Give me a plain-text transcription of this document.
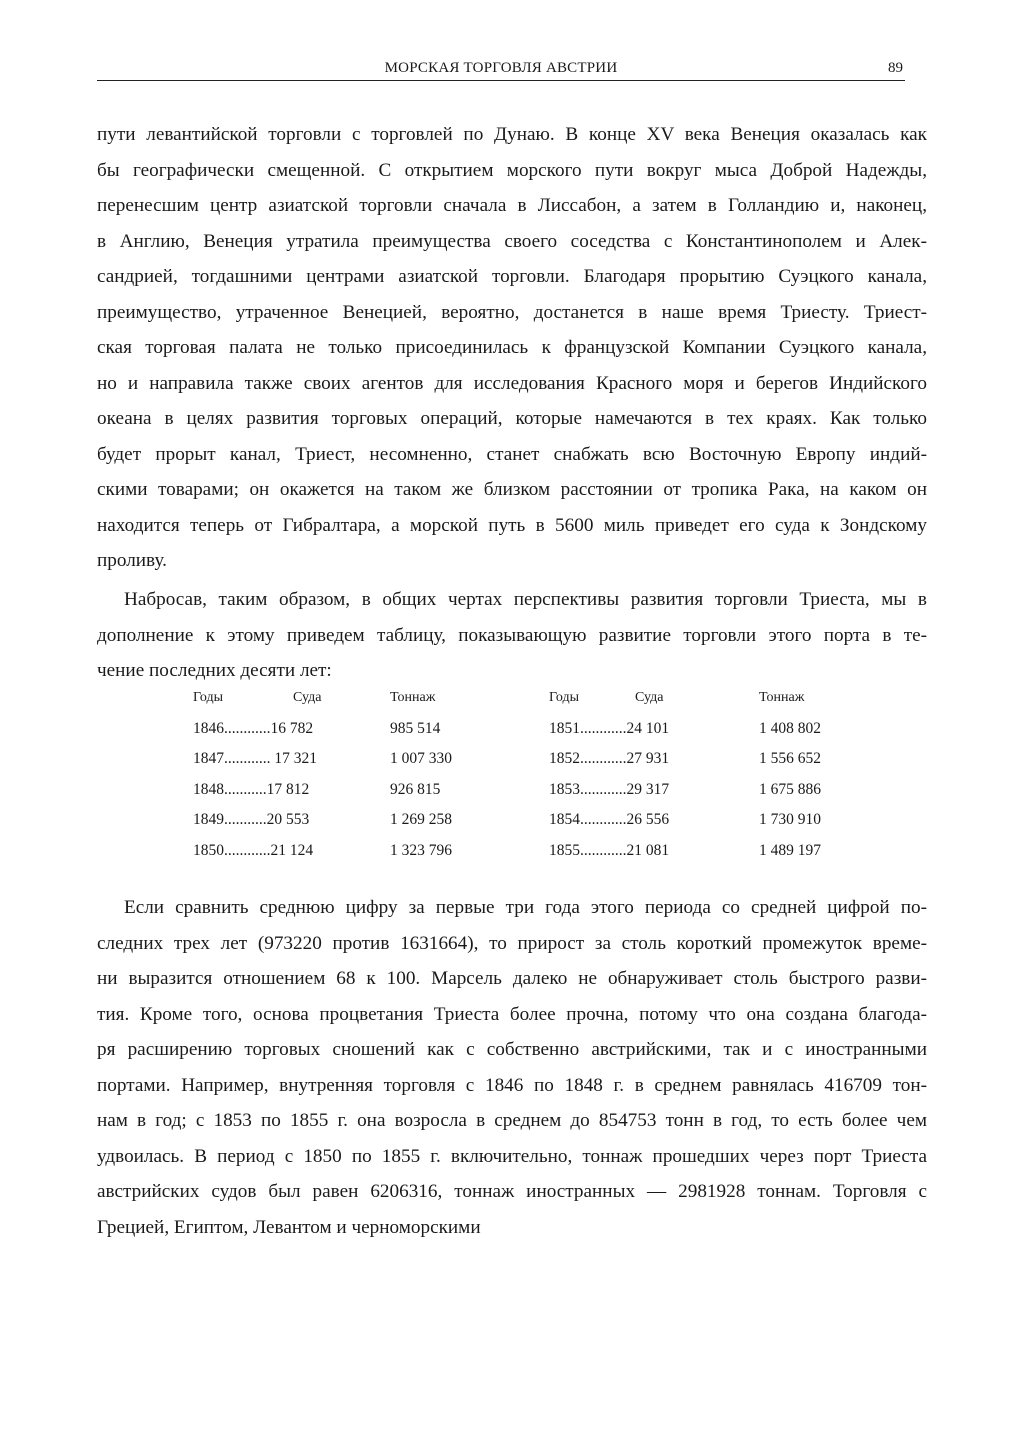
МОРСКАЯ ТОРГОВЛЯ АВСТРИИ	89
пути левантийской торговли с торговлей по Дунаю. В конце XV века Венеция оказалась как
бы географически смещенной. С открытием морского пути вокруг мыса Доброй Надежды,
перенесшим центр азиатской торговли сначала в Лиссабон, а затем в Голландию и, наконец,
в Англию, Венеция утратила преимущества своего соседства с Константинополем и Алек-
сандрией, тогдашними центрами азиатской торговли. Благодаря прорытию Суэцкого канала,
преимущество, утраченное Венецией, вероятно, достанется в наше время Триесту. Триест-
ская торговая палата не только присоединилась к французской Компании Суэцкого канала,
но и направила также своих агентов для исследования Красного моря и берегов Индийского
океана в целях развития торговых операций, которые намечаются в тех краях. Как только
будет прорыт канал, Триест, несомненно, станет снабжать всю Восточную Европу индий-
скими товарами; он окажется на таком же близком расстоянии от тропика Рака, на каком он
находится теперь от Гибралтара, а морской путь в 5600 миль приведет его суда к Зондскому
проливу.
Набросав, таким образом, в общих чертах перспективы развития торговли Триеста, мы в
дополнение к этому приведем таблицу, показывающую развитие торговли этого порта в те-
чение последних десяти лет:
Годы	Суда	Тоннаж	Годы	Суда	Тоннаж
1846............16 782	985 514	1851............24 101	1 408 802
1847............ 17 321	1 007 330	1852............27 931	1 556 652
1848...........17 812	926 815	1853............29 317	1 675 886
1849...........20 553	1 269 258	1854............26 556	1 730 910
1850............21 124	1 323 796	1855............21 081	1 489 197
Если сравнить среднюю цифру за первые три года этого периода со средней цифрой по-
следних трех лет (973220 против 1631664), то прирост за столь короткий промежуток време-
ни выразится отношением 68 к 100. Марсель далеко не обнаруживает столь быстрого разви-
тия. Кроме того, основа процветания Триеста более прочна, потому что она создана благода-
ря расширению торговых сношений как с собственно австрийскими, так и с иностранными
портами. Например, внутренняя торговля с 1846 по 1848 г. в среднем равнялась 416709 тон-
нам в год; с 1853 по 1855 г. она возросла в среднем до 854753 тонн в год, то есть более чем
удвоилась. В период с 1850 по 1855 г. включительно, тоннаж прошедших через порт Триеста
австрийских судов был равен 6206316, тоннаж иностранных — 2981928 тоннам. Торговля с
Грецией, Египтом, Левантом и черноморскими
